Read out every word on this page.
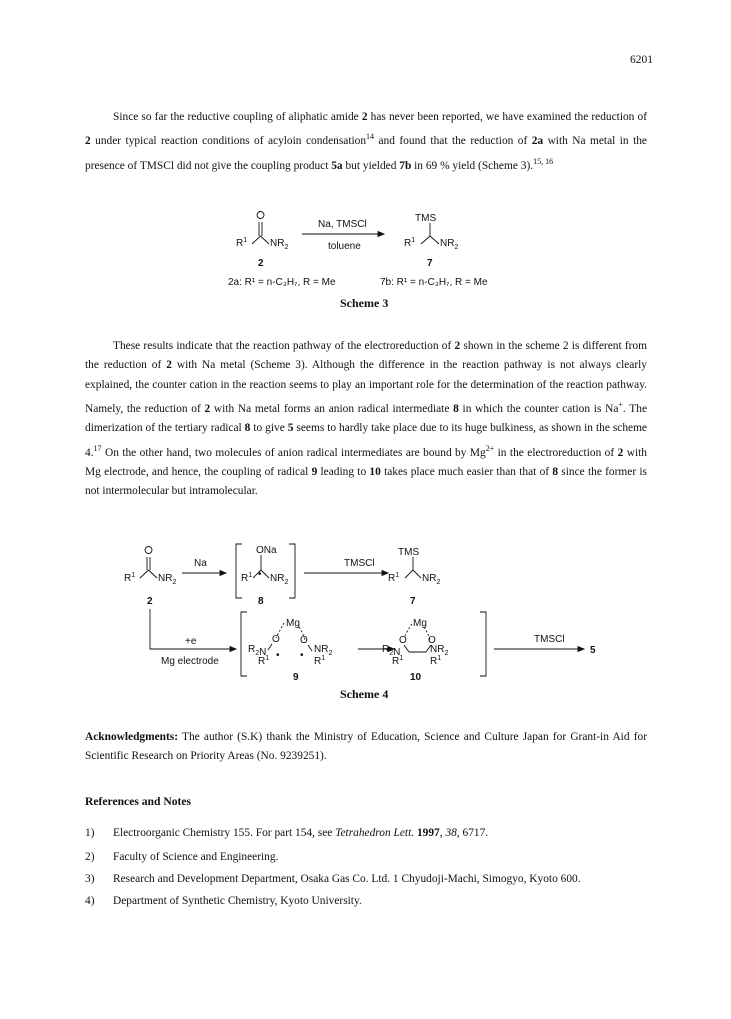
6201

Since so far the reductive coupling of aliphatic amide 2 has never been reported, we have examined the reduction of 2 under typical reaction conditions of acyloin condensation$^{14}$ and found that the reduction of 2a with Na metal in the presence of TMSCl did not give the coupling product 5a but yielded 7b in 69 % yield (Scheme 3).$^{15, 16}$

$R^1$ $NR_2$
Na, TMSCl
toluene
TMS
$R^1$ $NR_2$
2	7
2a: R¹ = n-C₃H₇, R = Me	7b: R¹ = n-C₃H₇, R = Me
Scheme 3

These results indicate that the reaction pathway of the electroreduction of 2 shown in the scheme 2 is different from the reduction of 2 with Na metal (Scheme 3). Although the difference in the reaction pathway is not always clearly explained, the counter cation in the reaction seems to play an important role for the determination of the reaction pathway. Namely, the reduction of 2 with Na metal forms an anion radical intermediate 8 in which the counter cation is Na+. The dimerization of the tertiary radical 8 to give 5 seems to hardly take place due to its huge bulkiness, as shown in the scheme 4.17 On the other hand, two molecules of anion radical intermediates are bound by $Mg^{2+}$ in the electroreduction of 2 with Mg electrode, and hence, the coupling of radical 9 leading to 10 takes place much easier than that of 8 since the former is not intermolecular but intramolecular.

$R^1$ $NR_2$
Na
ONa
$R^1$ • $NR_2$
TMSCl
TMS
$R^1$ $NR_2$
2	8	7
+e
Mg electrode
Mg
O O
$R_2N$	$NR_2$
$R^1$ • •
$R^1$
Mg
O O
$R_2N$	$NR_2$
$R^1$	$R^1$
TMSCl
5
9	10
Scheme 4

Acknowledgments: The author (S.K) thank the Ministry of Education, Science and Culture Japan for Grant-in Aid for Scientific Research on Priority Areas (No. 9239251).

References and Notes
1) Electroorganic Chemistry 155. For part 154, see Tetrahedron Lett. 1997, 38, 6717.
2) Faculty of Science and Engineering.
3) Research and Development Department, Osaka Gas Co. Ltd. 1 Chyudoji-Machi, Simogyo, Kyoto 600.
4) Department of Synthetic Chemistry, Kyoto University.
